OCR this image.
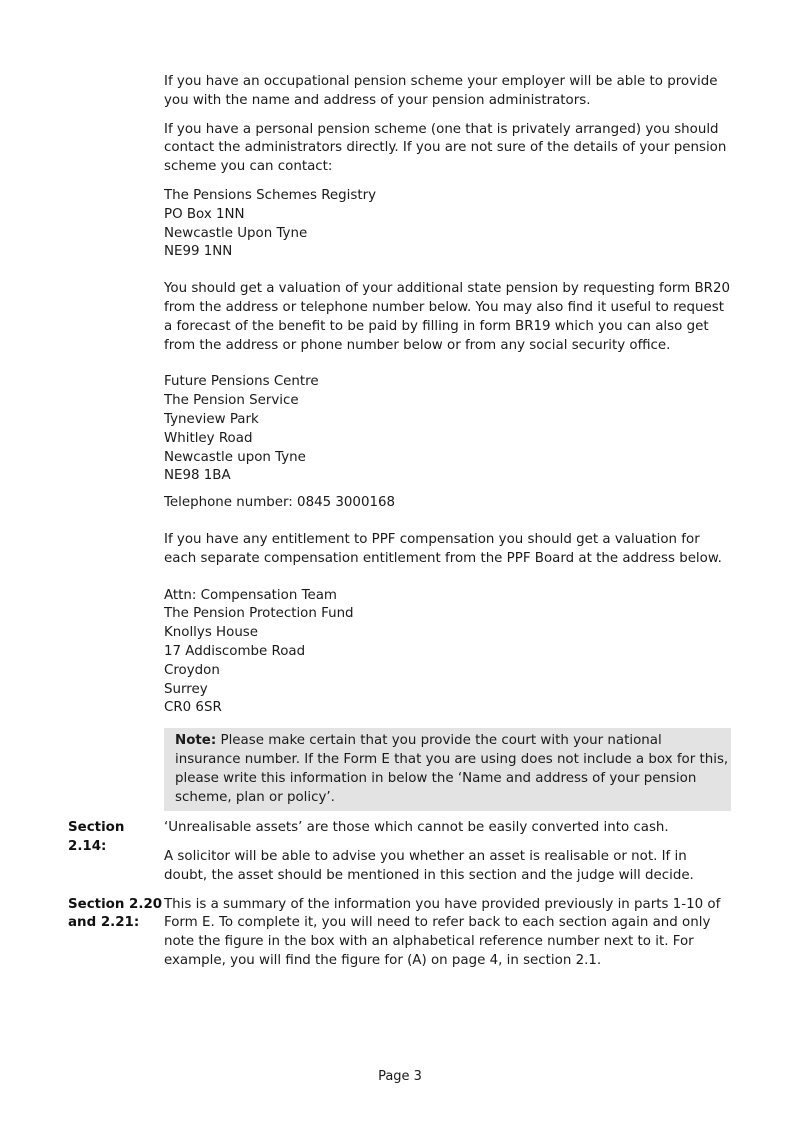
If you have an occupational pension scheme your employer will be able to provide you with the name and address of your pension administrators.

If you have a personal pension scheme (one that is privately arranged) you should contact the administrators directly. If you are not sure of the details of your pension scheme you can contact:

The Pensions Schemes Registry
PO Box 1NN
Newcastle Upon Tyne
NE99 1NN

You should get a valuation of your additional state pension by requesting form BR20 from the address or telephone number below. You may also find it useful to request a forecast of the benefit to be paid by filling in form BR19 which you can also get from the address or phone number below or from any social security office.

Future Pensions Centre
The Pension Service
Tyneview Park
Whitley Road
Newcastle upon Tyne
NE98 1BA

Telephone number: 0845 3000168

If you have any entitlement to PPF compensation you should get a valuation for each separate compensation entitlement from the PPF Board at the address below.

Attn: Compensation Team
The Pension Protection Fund
Knollys House
17 Addiscombe Road
Croydon
Surrey
CR0 6SR
Note: Please make certain that you provide the court with your national insurance number. If the Form E that you are using does not include a box for this, please write this information in below the ‘Name and address of your pension scheme, plan or policy’.
Section 2.14:

‘Unrealisable assets’ are those which cannot be easily converted into cash.

A solicitor will be able to advise you whether an asset is realisable or not. If in doubt, the asset should be mentioned in this section and the judge will decide.

Section 2.20
and 2.21:

This is a summary of the information you have provided previously in parts 1-10 of Form E. To complete it, you will need to refer back to each section again and only note the figure in the box with an alphabetical reference number next to it. For example, you will find the figure for (A) on page 4, in section 2.1.

Page 3
